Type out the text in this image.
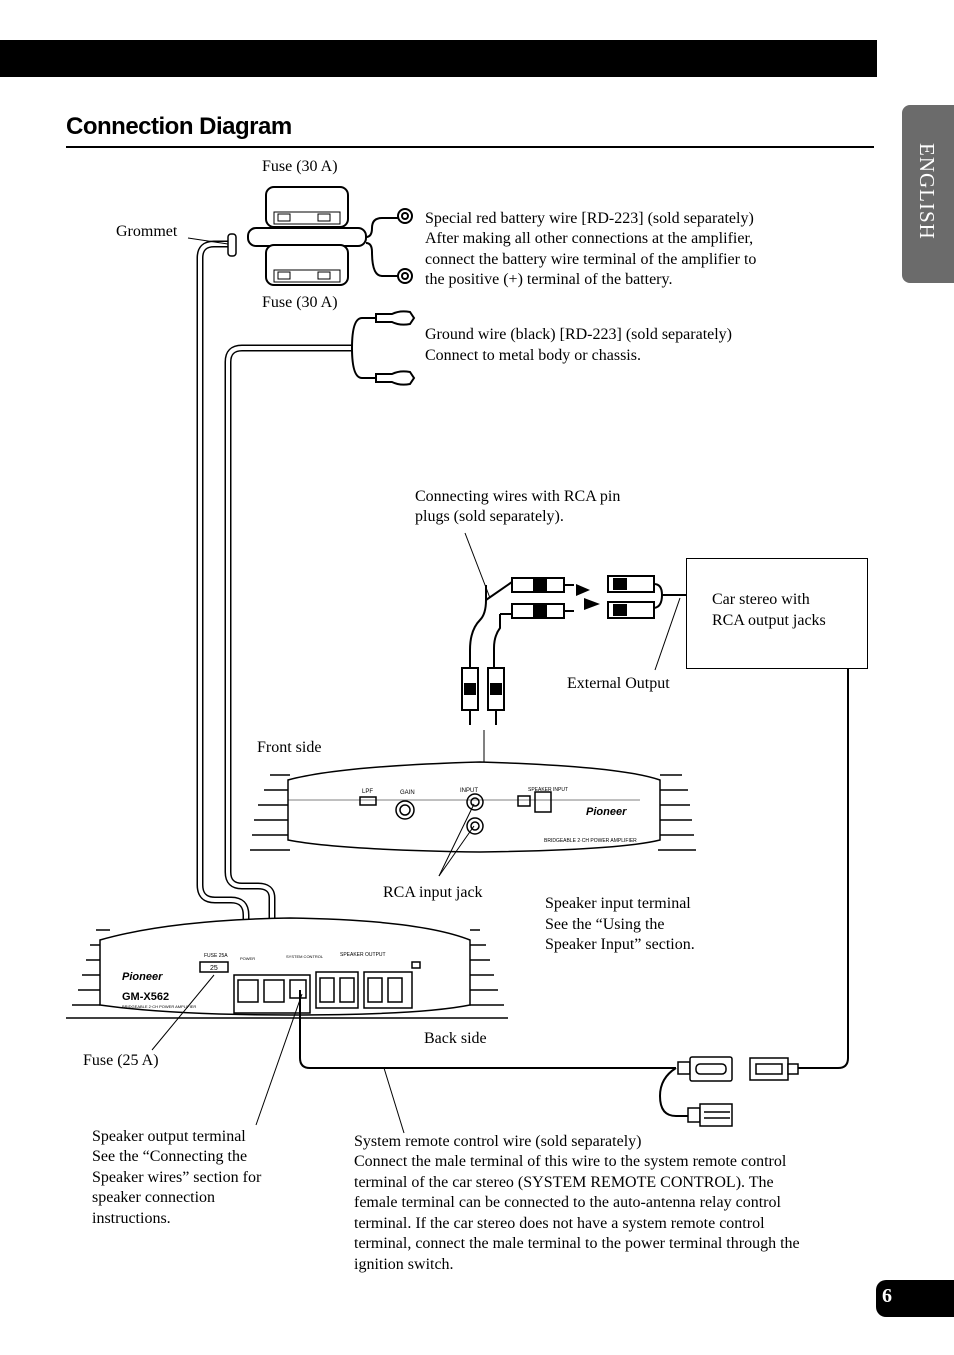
Connection Diagram
ENGLISH
6
LPF	GAIN	INPUT	SPEAKER INPUT
Pioneer
BRIDGEABLE 2·CH POWER AMPLIFIER
Pioneer
GM-X562
BRIDGEABLE 2·CH POWER AMPLIFIER
FUSE 25A
25
POWER	SYSTEM CONTROL	SPEAKER OUTPUT
Car stereo with
RCA output jacks
Fuse (30 A)
Grommet
Fuse (30 A)
Special red battery wire [RD-223] (sold separately)
After making all other connections at the amplifier,
connect the battery wire terminal of the amplifier to
the positive (+) terminal of the battery.
Ground wire (black) [RD-223] (sold separately)
Connect to metal body or chassis.
Connecting wires with RCA pin
plugs (sold separately).
External Output
Front side
RCA input jack
Speaker input terminal
See the “Using the
Speaker Input” section.
Back side
Fuse (25 A)
Speaker output terminal
See the “Connecting the
Speaker wires” section for
speaker connection
instructions.
System remote control wire (sold separately)
Connect the male terminal of this wire to the system remote control
terminal of the car stereo (SYSTEM REMOTE CONTROL). The
female terminal can be connected to the auto-antenna relay control
terminal. If the car stereo does not have a system remote control
terminal, connect the male terminal to the power terminal through the
ignition switch.
